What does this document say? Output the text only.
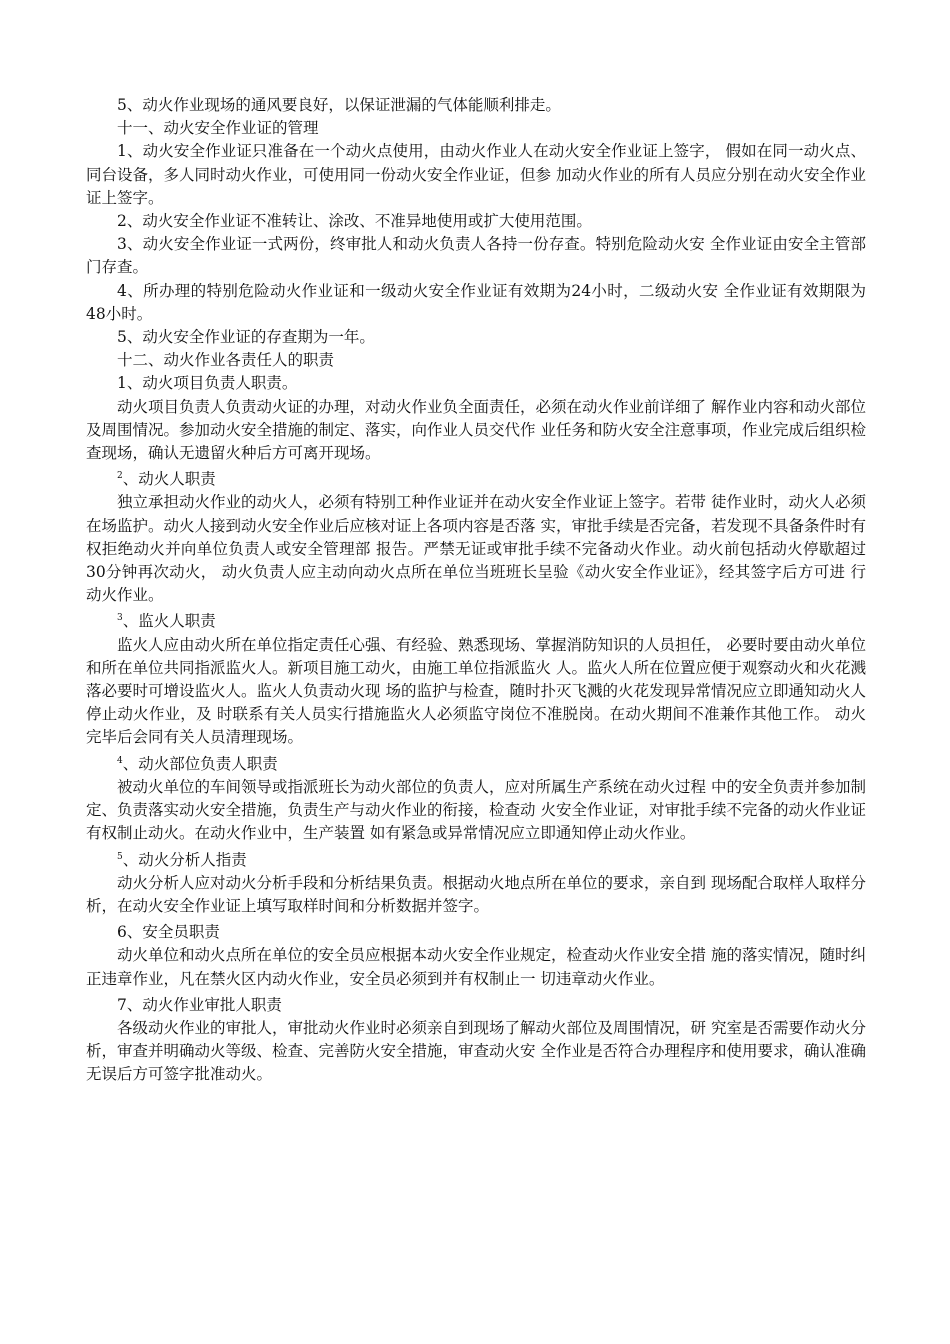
5、动火作业现场的通风要良好，以保证泄漏的气体能顺利排走。

十一、动火安全作业证的管理

1、动火安全作业证只准备在一个动火点使用，由动火作业人在动火安全作业证上签字， 假如在同一动火点、同台设备，多人同时动火作业，可使用同一份动火安全作业证，但参 加动火作业的所有人员应分别在动火安全作业证上签字。

2、动火安全作业证不准转让、涂改、不准异地使用或扩大使用范围。

3、动火安全作业证一式两份，终审批人和动火负责人各持一份存查。特别危险动火安 全作业证由安全主管部门存查。

4、所办理的特别危险动火作业证和一级动火安全作业证有效期为24小时，二级动火安 全作业证有效期限为48小时。

5、动火安全作业证的存查期为一年。

十二、动火作业各责任人的职责

1、动火项目负责人职责。

动火项目负责人负责动火证的办理，对动火作业负全面责任，必须在动火作业前详细了 解作业内容和动火部位及周围情况。参加动火安全措施的制定、落实，向作业人员交代作 业任务和防火安全注意事项，作业完成后组织检查现场，确认无遗留火种后方可离开现场。

$^2$、动火人职责

独立承担动火作业的动火人，必须有特别工种作业证并在动火安全作业证上签字。若带 徒作业时，动火人必须在场监护。动火人接到动火安全作业后应核对证上各项内容是否落 实，审批手续是否完备，若发现不具备条件时有权拒绝动火并向单位负责人或安全管理部 报告。严禁无证或审批手续不完备动火作业。动火前包括动火停歇超过30分钟再次动火， 动火负责人应主动向动火点所在单位当班班长呈验《动火安全作业证》，经其签字后方可进 行动火作业。

$^3$、监火人职责

监火人应由动火所在单位指定责任心强、有经验、熟悉现场、掌握消防知识的人员担任， 必要时要由动火单位和所在单位共同指派监火人。新项目施工动火，由施工单位指派监火 人。监火人所在位置应便于观察动火和火花溅落必要时可增设监火人。监火人负责动火现 场的监护与检查，随时扑灭飞溅的火花发现异常情况应立即通知动火人停止动火作业，及 时联系有关人员实行措施监火人必须监守岗位不准脱岗。在动火期间不准兼作其他工作。 动火完毕后会同有关人员清理现场。

$^4$、动火部位负责人职责

被动火单位的车间领导或指派班长为动火部位的负责人，应对所属生产系统在动火过程 中的安全负责并参加制定、负责落实动火安全措施，负责生产与动火作业的衔接，检查动 火安全作业证，对审批手续不完备的动火作业证有权制止动火。在动火作业中，生产装置 如有紧急或异常情况应立即通知停止动火作业。

$^5$、动火分析人指责

动火分析人应对动火分析手段和分析结果负责。根据动火地点所在单位的要求，亲自到 现场配合取样人取样分析，在动火安全作业证上填写取样时间和分析数据并签字。

6、安全员职责

动火单位和动火点所在单位的安全员应根据本动火安全作业规定，检查动火作业安全措 施的落实情况，随时纠正违章作业，凡在禁火区内动火作业，安全员必须到并有权制止一 切违章动火作业。

7、动火作业审批人职责

各级动火作业的审批人，审批动火作业时必须亲自到现场了解动火部位及周围情况，研 究室是否需要作动火分析，审查并明确动火等级、检查、完善防火安全措施，审查动火安 全作业是否符合办理程序和使用要求，确认准确无误后方可签字批准动火。
